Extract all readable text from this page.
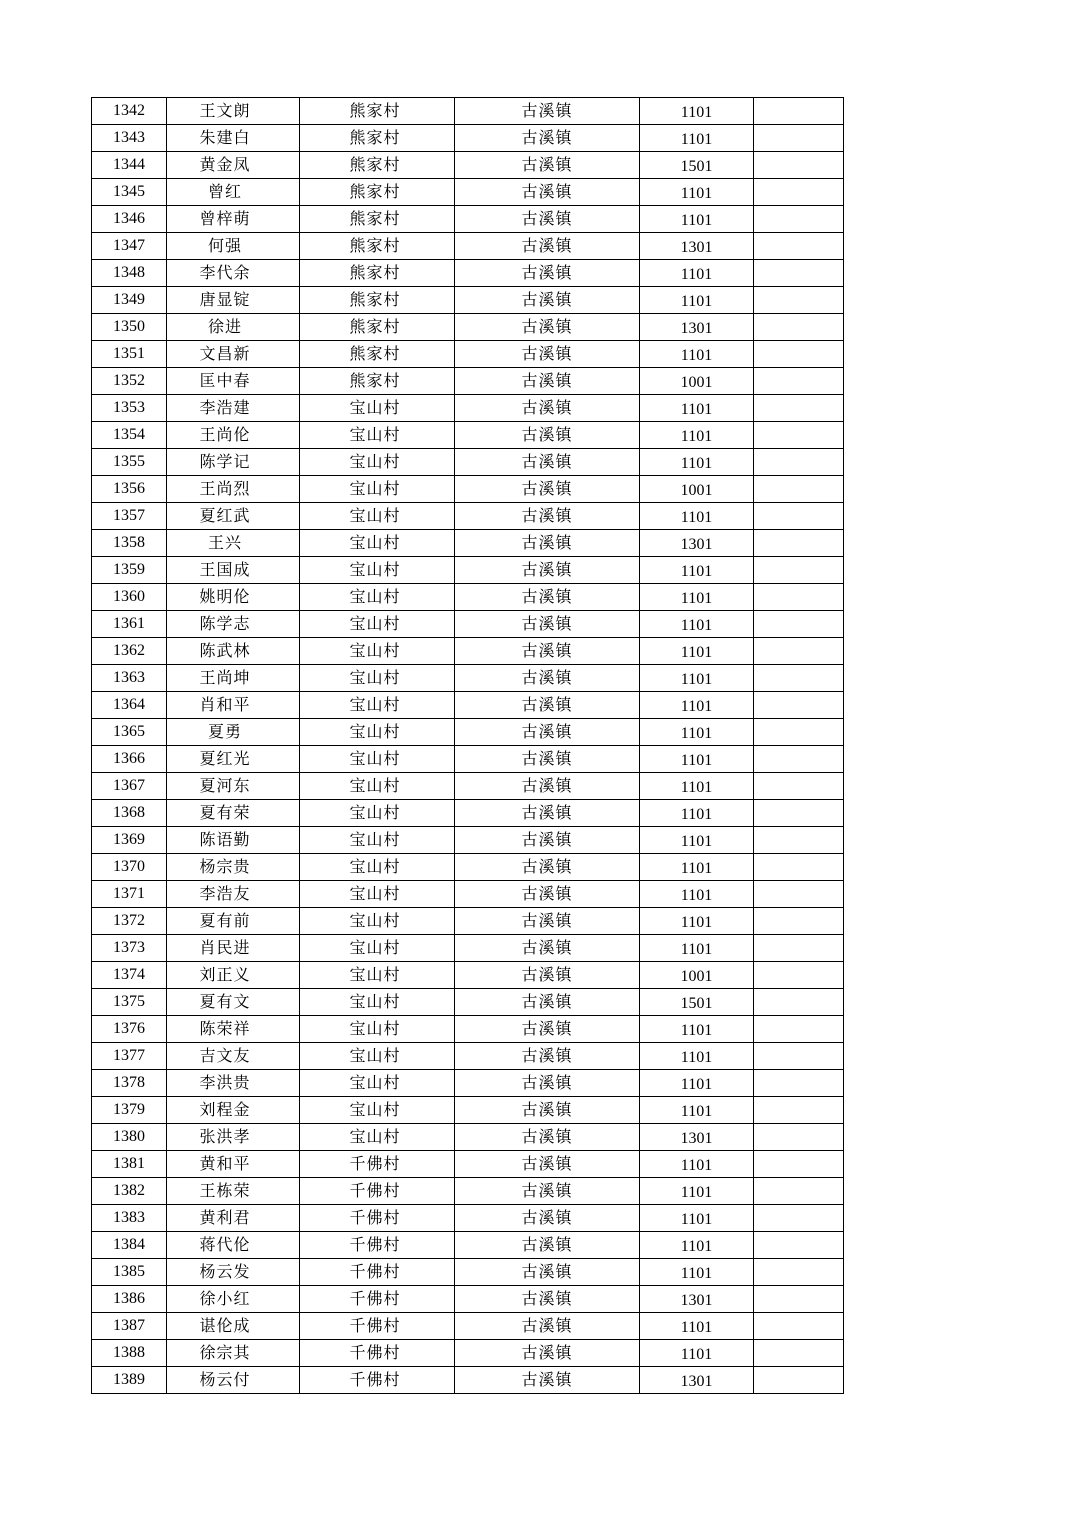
1342	王文朗	熊家村	古溪镇	1101	
1343	朱建白	熊家村	古溪镇	1101	
1344	黄金凤	熊家村	古溪镇	1501	
1345	曾红	熊家村	古溪镇	1101	
1346	曾梓萌	熊家村	古溪镇	1101	
1347	何强	熊家村	古溪镇	1301	
1348	李代余	熊家村	古溪镇	1101	
1349	唐显锭	熊家村	古溪镇	1101	
1350	徐进	熊家村	古溪镇	1301	
1351	文昌新	熊家村	古溪镇	1101	
1352	匡中春	熊家村	古溪镇	1001	
1353	李浩建	宝山村	古溪镇	1101	
1354	王尚伦	宝山村	古溪镇	1101	
1355	陈学记	宝山村	古溪镇	1101	
1356	王尚烈	宝山村	古溪镇	1001	
1357	夏红武	宝山村	古溪镇	1101	
1358	王兴	宝山村	古溪镇	1301	
1359	王国成	宝山村	古溪镇	1101	
1360	姚明伦	宝山村	古溪镇	1101	
1361	陈学志	宝山村	古溪镇	1101	
1362	陈武林	宝山村	古溪镇	1101	
1363	王尚坤	宝山村	古溪镇	1101	
1364	肖和平	宝山村	古溪镇	1101	
1365	夏勇	宝山村	古溪镇	1101	
1366	夏红光	宝山村	古溪镇	1101	
1367	夏河东	宝山村	古溪镇	1101	
1368	夏有荣	宝山村	古溪镇	1101	
1369	陈语勤	宝山村	古溪镇	1101	
1370	杨宗贵	宝山村	古溪镇	1101	
1371	李浩友	宝山村	古溪镇	1101	
1372	夏有前	宝山村	古溪镇	1101	
1373	肖民进	宝山村	古溪镇	1101	
1374	刘正义	宝山村	古溪镇	1001	
1375	夏有文	宝山村	古溪镇	1501	
1376	陈荣祥	宝山村	古溪镇	1101	
1377	吉文友	宝山村	古溪镇	1101	
1378	李洪贵	宝山村	古溪镇	1101	
1379	刘程金	宝山村	古溪镇	1101	
1380	张洪孝	宝山村	古溪镇	1301	
1381	黄和平	千佛村	古溪镇	1101	
1382	王栋荣	千佛村	古溪镇	1101	
1383	黄利君	千佛村	古溪镇	1101	
1384	蒋代伦	千佛村	古溪镇	1101	
1385	杨云发	千佛村	古溪镇	1101	
1386	徐小红	千佛村	古溪镇	1301	
1387	谌伦成	千佛村	古溪镇	1101	
1388	徐宗其	千佛村	古溪镇	1101	
1389	杨云付	千佛村	古溪镇	1301	
